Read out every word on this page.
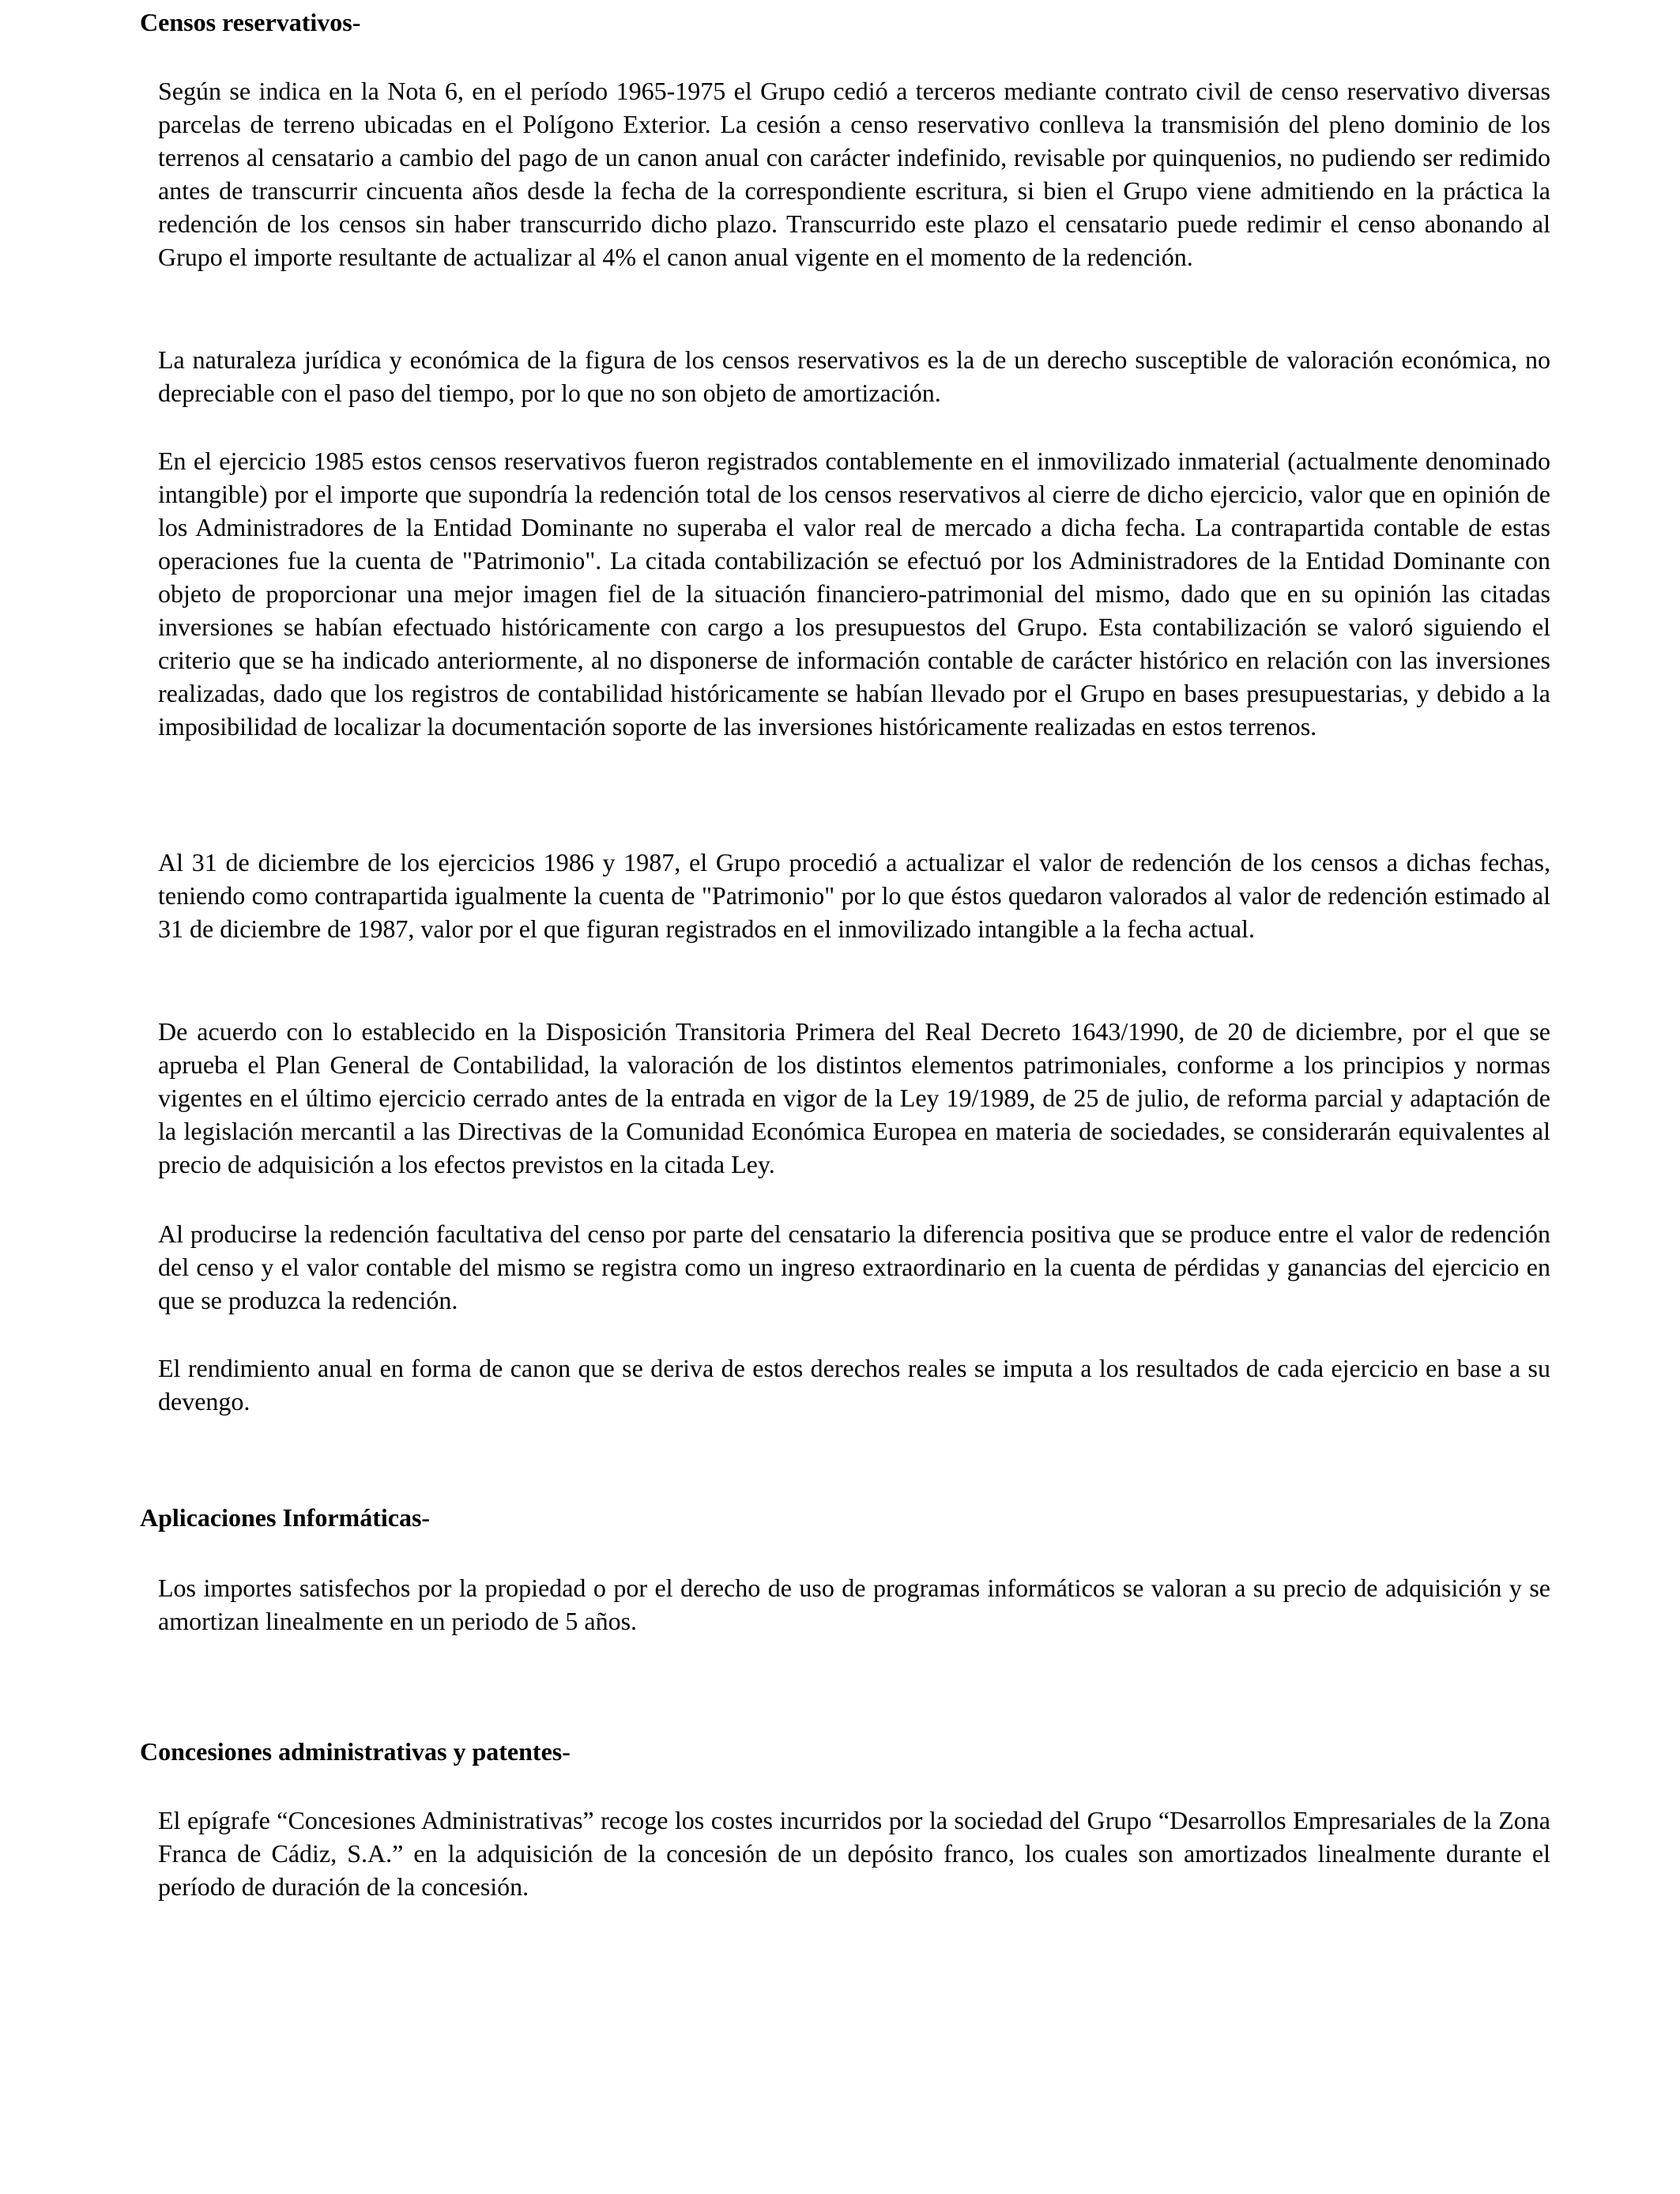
Censos reservativos-

Según se indica en la Nota 6, en el período 1965-1975 el Grupo cedió a terceros mediante contrato civil de censo reservativo diversas parcelas de terreno ubicadas en el Polígono Exterior. La cesión a censo reservativo conlleva la transmisión del pleno dominio de los terrenos al censatario a cambio del pago de un canon anual con carácter indefinido, revisable por quinquenios, no pudiendo ser redimido antes de transcurrir cincuenta años desde la fecha de la correspondiente escritura, si bien el Grupo viene admitiendo en la práctica la redención de los censos sin haber transcurrido dicho plazo. Transcurrido este plazo el censatario puede redimir el censo abonando al Grupo el importe resultante de actualizar al 4% el canon anual vigente en el momento de la redención.

La naturaleza jurídica y económica de la figura de los censos reservativos es la de un derecho susceptible de valoración económica, no depreciable con el paso del tiempo, por lo que no son objeto de amortización.

En el ejercicio 1985 estos censos reservativos fueron registrados contablemente en el inmovilizado inmaterial (actualmente denominado intangible) por el importe que supondría la redención total de los censos reservativos al cierre de dicho ejercicio, valor que en opinión de los Administradores de la Entidad Dominante no superaba el valor real de mercado a dicha fecha. La contrapartida contable de estas operaciones fue la cuenta de "Patrimonio". La citada contabilización se efectuó por los Administradores de la Entidad Dominante con objeto de proporcionar una mejor imagen fiel de la situación financiero-patrimonial del mismo, dado que en su opinión las citadas inversiones se habían efectuado históricamente con cargo a los presupuestos del Grupo. Esta contabilización se valoró siguiendo el criterio que se ha indicado anteriormente, al no disponerse de información contable de carácter histórico en relación con las inversiones realizadas, dado que los registros de contabilidad históricamente se habían llevado por el Grupo en bases presupuestarias, y debido a la imposibilidad de localizar la documentación soporte de las inversiones históricamente realizadas en estos terrenos.

Al 31 de diciembre de los ejercicios 1986 y 1987, el Grupo procedió a actualizar el valor de redención de los censos a dichas fechas, teniendo como contrapartida igualmente la cuenta de "Patrimonio" por lo que éstos quedaron valorados al valor de redención estimado al 31 de diciembre de 1987, valor por el que figuran registrados en el inmovilizado intangible a la fecha actual.

De acuerdo con lo establecido en la Disposición Transitoria Primera del Real Decreto 1643/1990, de 20 de diciembre, por el que se aprueba el Plan General de Contabilidad, la valoración de los distintos elementos patrimoniales, conforme a los principios y normas vigentes en el último ejercicio cerrado antes de la entrada en vigor de la Ley 19/1989, de 25 de julio, de reforma parcial y adaptación de la legislación mercantil a las Directivas de la Comunidad Económica Europea en materia de sociedades, se considerarán equivalentes al precio de adquisición a los efectos previstos en la citada Ley.

Al producirse la redención facultativa del censo por parte del censatario la diferencia positiva que se produce entre el valor de redención del censo y el valor contable del mismo se registra como un ingreso extraordinario en la cuenta de pérdidas y ganancias del ejercicio en que se produzca la redención.

El rendimiento anual en forma de canon que se deriva de estos derechos reales se imputa a los resultados de cada ejercicio en base a su devengo.

Aplicaciones Informáticas-

Los importes satisfechos por la propiedad o por el derecho de uso de programas informáticos se valoran a su precio de adquisición y se amortizan linealmente en un periodo de 5 años.

Concesiones administrativas y patentes-

El epígrafe “Concesiones Administrativas” recoge los costes incurridos por la sociedad del Grupo “Desarrollos Empresariales de la Zona Franca de Cádiz, S.A.” en la adquisición de la concesión de un depósito franco, los cuales son amortizados linealmente durante el período de duración de la concesión.
